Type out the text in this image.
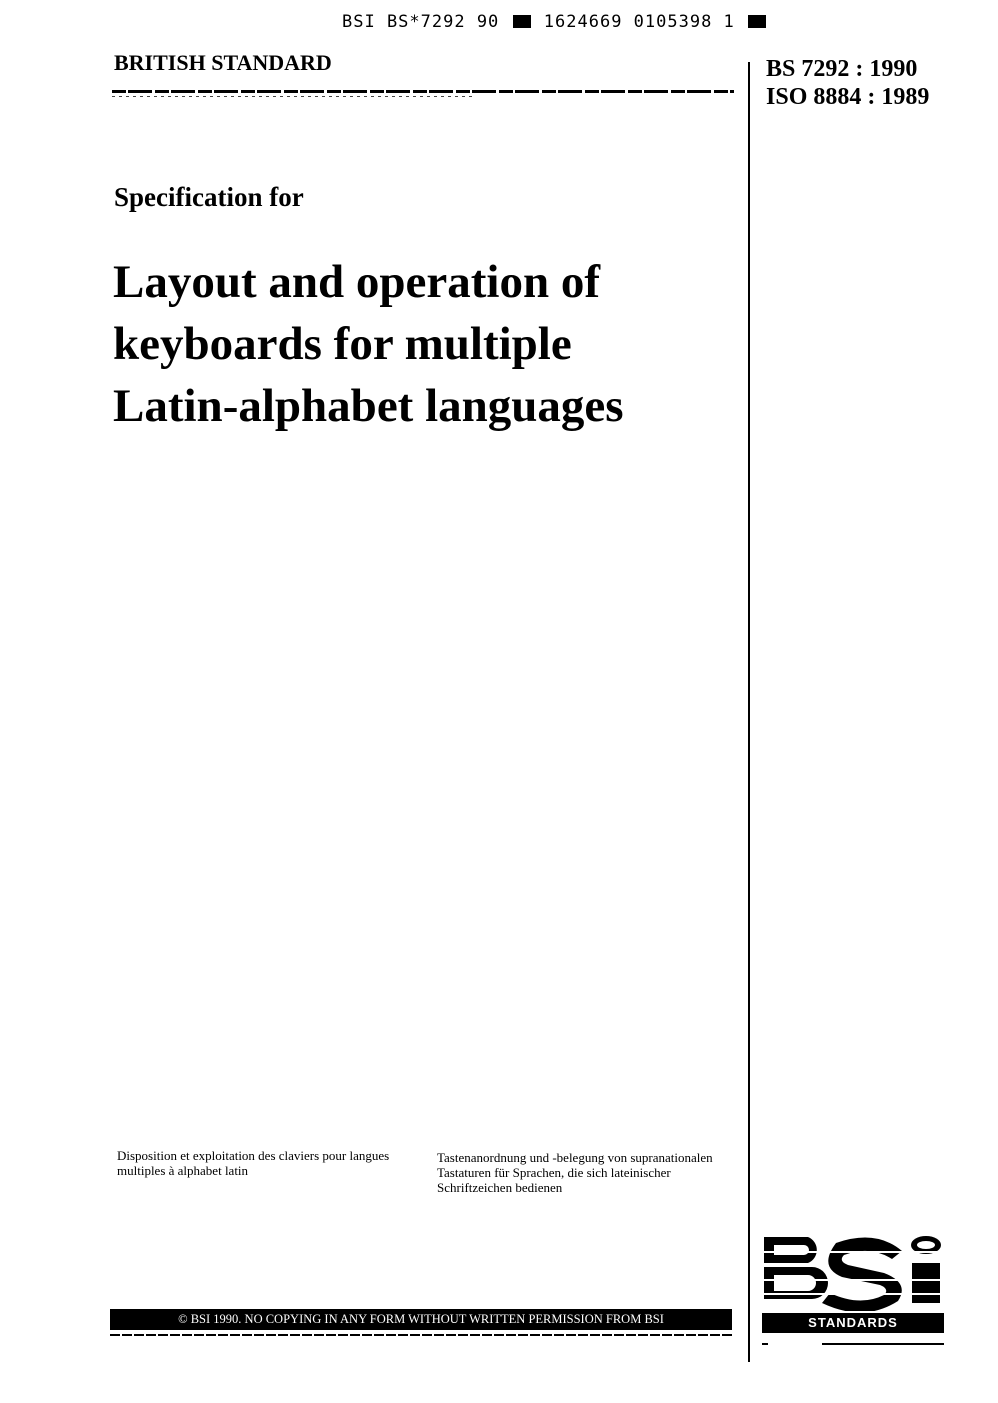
BSI BS*7292 90	1624669 0105398 1
BRITISH STANDARD	BS 7292 : 1990
ISO 8884 : 1989
Specification for
Layout and operation of
keyboards for multiple
Latin-alphabet languages
Disposition et exploitation des claviers pour langues multiples à alphabet latin
Tastenanordnung und -belegung von supranationalen Tastaturen für Sprachen, die sich lateinischer Schriftzeichen bedienen
© BSI 1990. NO COPYING IN ANY FORM WITHOUT WRITTEN PERMISSION FROM BSI	STANDARDS
